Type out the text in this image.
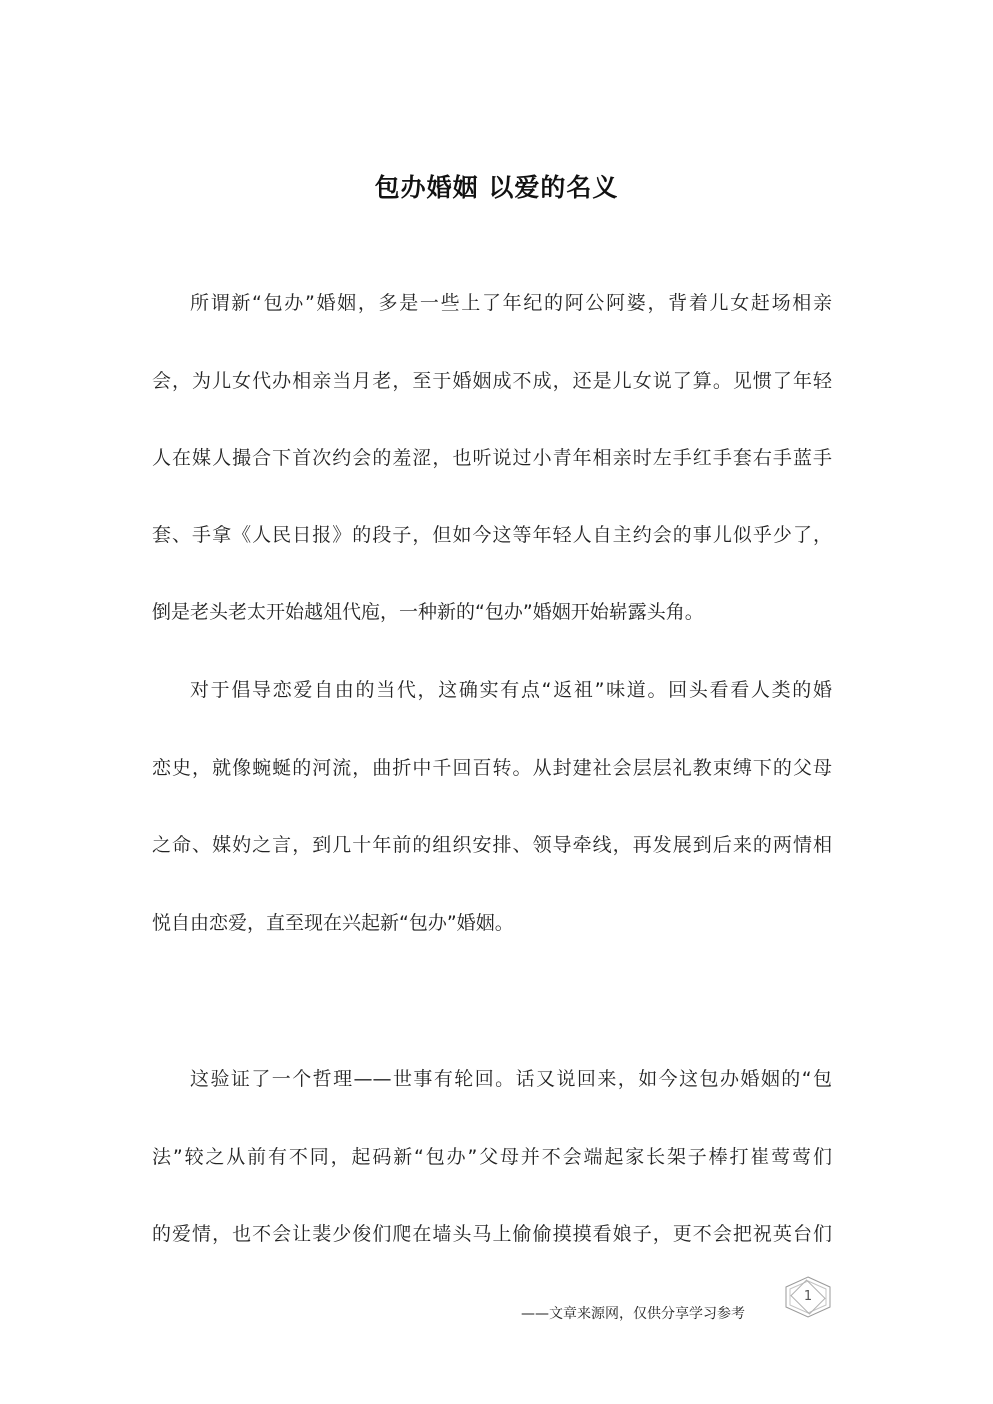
包办婚姻 以爱的名义
所谓新“包办”婚姻，多是一些上了年纪的阿公阿婆，背着儿女赶场相亲
会，为儿女代办相亲当月老，至于婚姻成不成，还是儿女说了算。见惯了年轻
人在媒人撮合下首次约会的羞涩，也听说过小青年相亲时左手红手套右手蓝手
套、手拿《人民日报》的段子，但如今这等年轻人自主约会的事儿似乎少了，
倒是老头老太开始越俎代庖，一种新的“包办”婚姻开始崭露头角。
对于倡导恋爱自由的当代，这确实有点“返祖”味道。回头看看人类的婚
恋史，就像蜿蜒的河流，曲折中千回百转。从封建社会层层礼教束缚下的父母
之命、媒妁之言，到几十年前的组织安排、领导牵线，再发展到后来的两情相
悦自由恋爱，直至现在兴起新“包办”婚姻。
这验证了一个哲理——世事有轮回。话又说回来，如今这包办婚姻的“包
法”较之从前有不同，起码新“包办”父母并不会端起家长架子棒打崔莺莺们
的爱情，也不会让裴少俊们爬在墙头马上偷偷摸摸看娘子，更不会把祝英台们
——文章来源网，仅供分享学习参考
1
